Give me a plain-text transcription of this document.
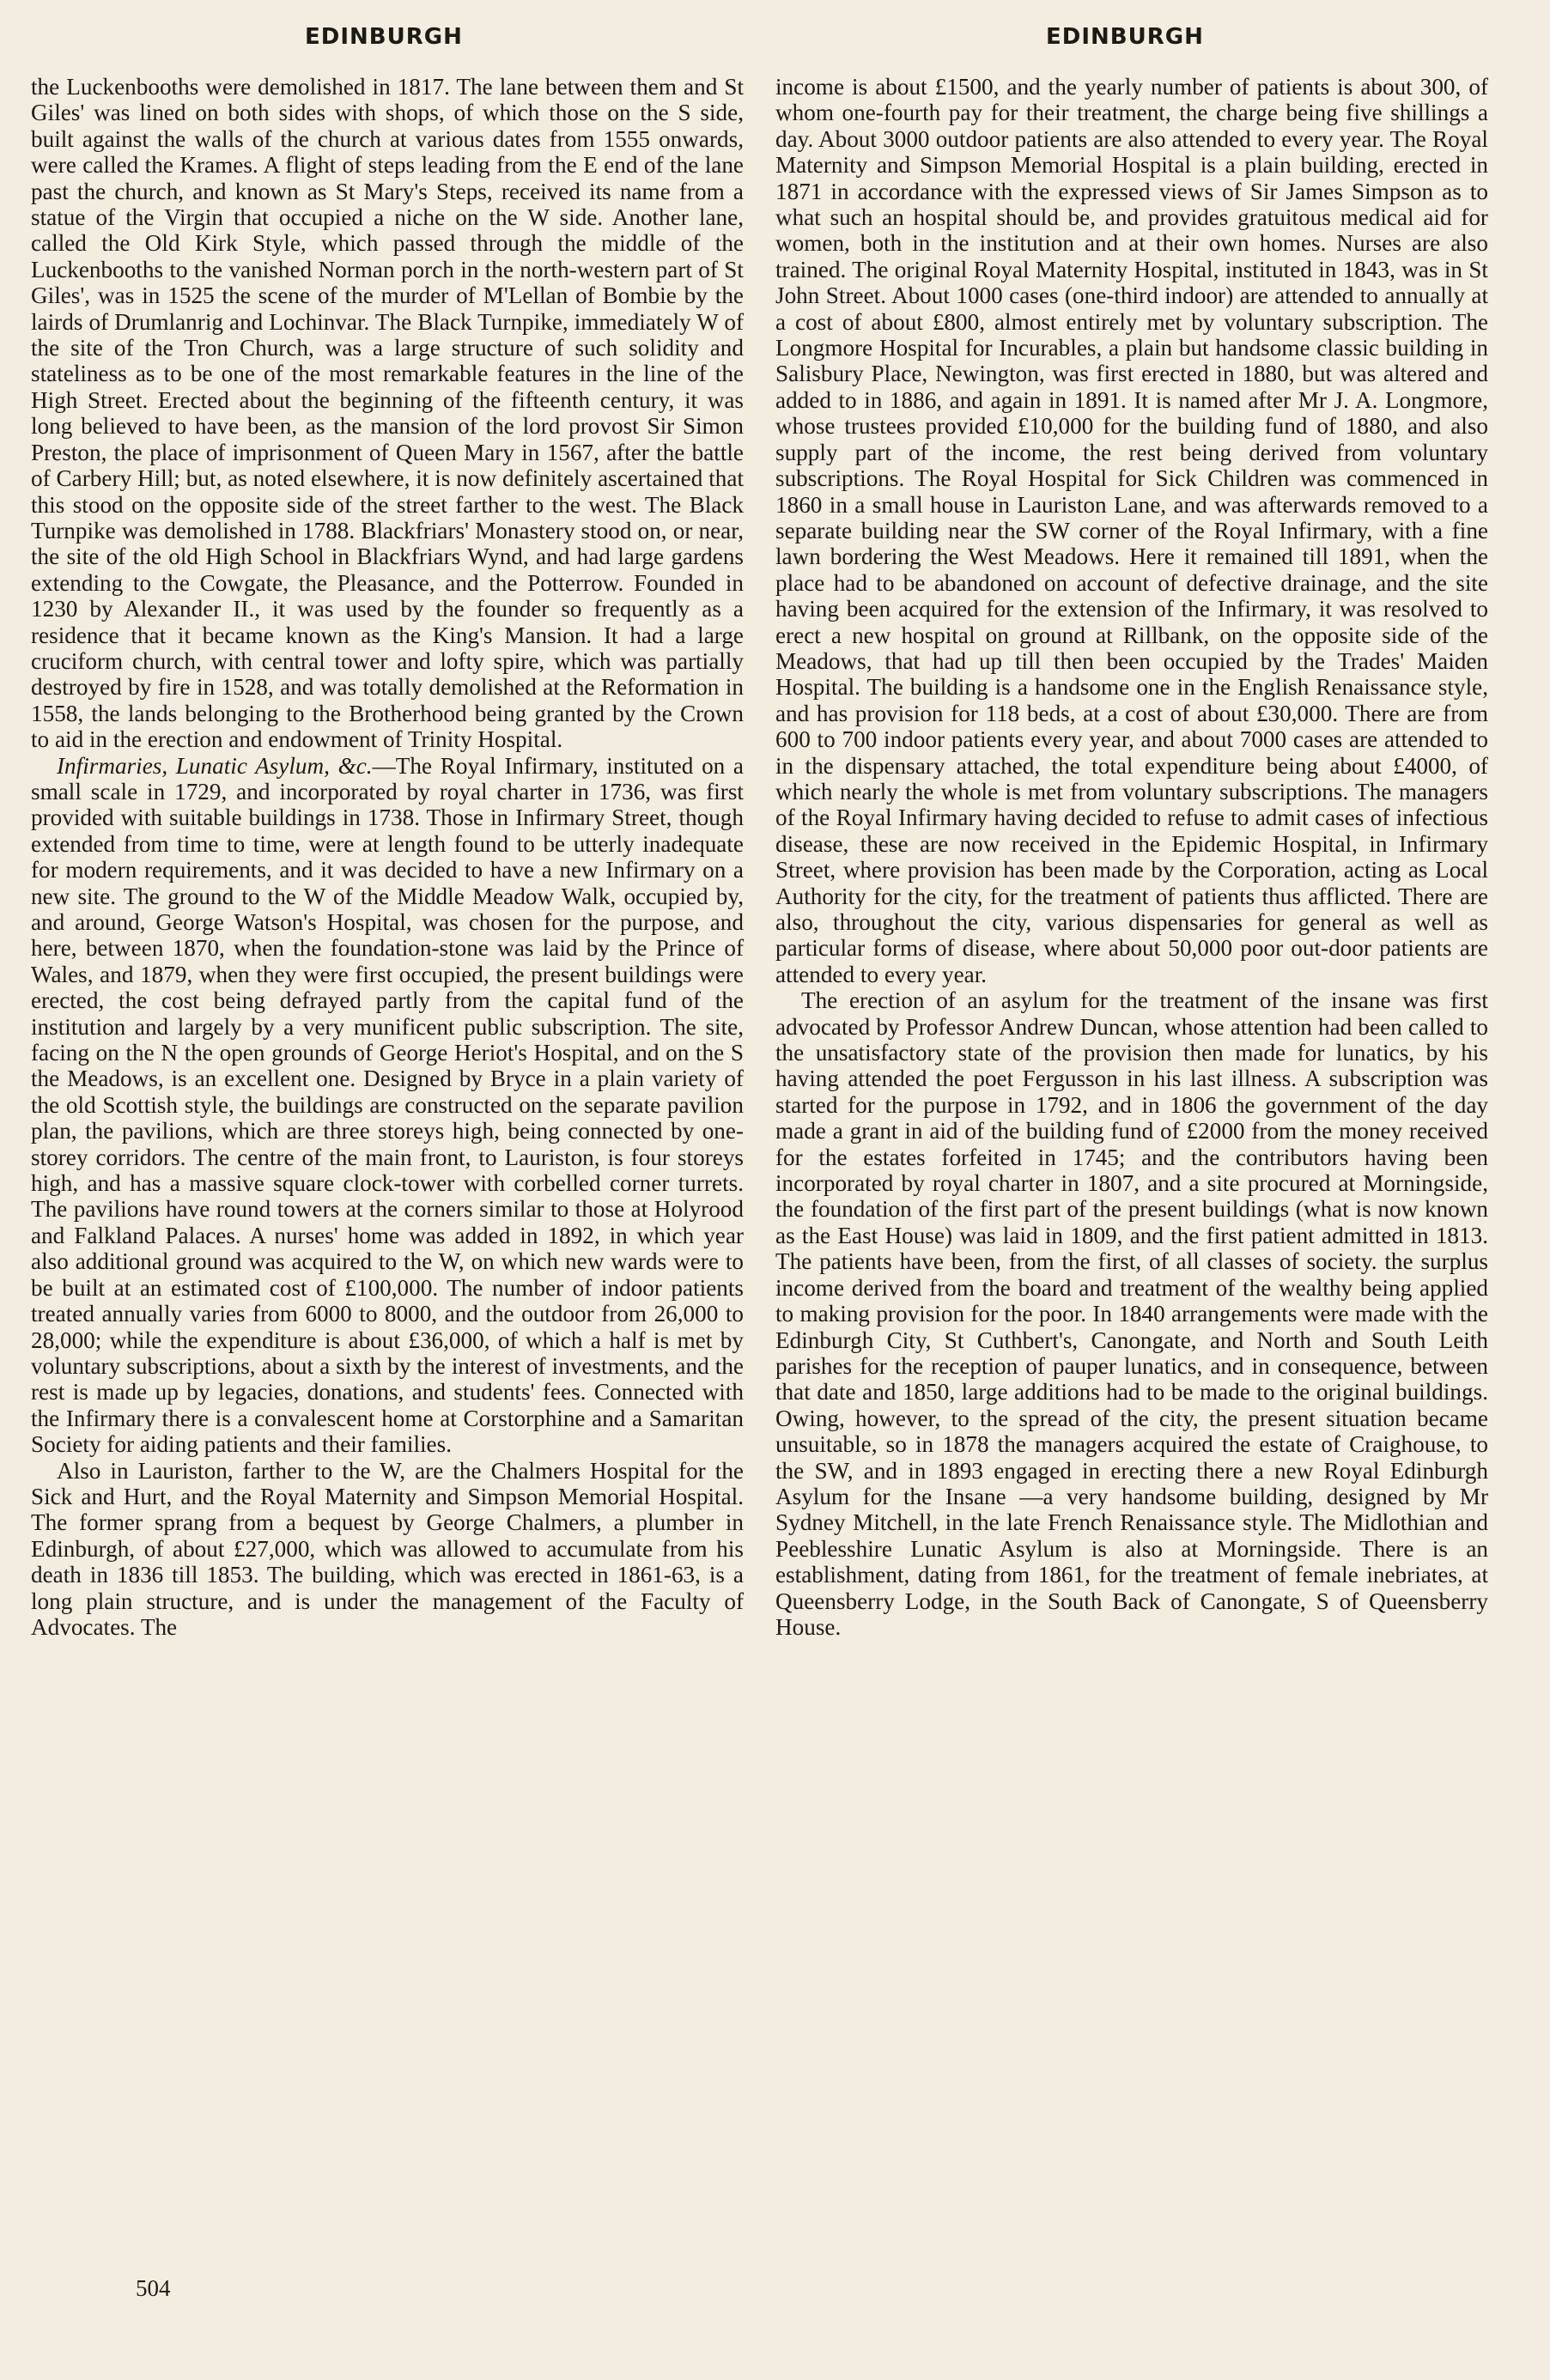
EDINBURGH	EDINBURGH

the Luckenbooths were demolished in 1817. The lane between them and St Giles' was lined on both sides with shops, of which those on the S side, built against the walls of the church at various dates from 1555 onwards, were called the Krames. A flight of steps leading from the E end of the lane past the church, and known as St Mary's Steps, received its name from a statue of the Virgin that occupied a niche on the W side. Another lane, called the Old Kirk Style, which passed through the middle of the Luckenbooths to the vanished Norman porch in the north-western part of St Giles', was in 1525 the scene of the murder of M'Lellan of Bombie by the lairds of Drumlanrig and Lochinvar. The Black Turnpike, immediately W of the site of the Tron Church, was a large structure of such solidity and stateliness as to be one of the most remarkable features in the line of the High Street. Erected about the beginning of the fifteenth century, it was long believed to have been, as the mansion of the lord provost Sir Simon Preston, the place of imprisonment of Queen Mary in 1567, after the battle of Carbery Hill; but, as noted elsewhere, it is now definitely ascertained that this stood on the opposite side of the street farther to the west. The Black Turnpike was demolished in 1788. Blackfriars' Monastery stood on, or near, the site of the old High School in Blackfriars Wynd, and had large gardens extending to the Cowgate, the Pleasance, and the Potterrow. Founded in 1230 by Alexander II., it was used by the founder so frequently as a residence that it became known as the King's Mansion. It had a large cruciform church, with central tower and lofty spire, which was partially destroyed by fire in 1528, and was totally demolished at the Reformation in 1558, the lands belonging to the Brotherhood being granted by the Crown to aid in the erection and endowment of Trinity Hospital.

Infirmaries, Lunatic Asylum, &c.—The Royal Infirmary, instituted on a small scale in 1729, and incorporated by royal charter in 1736, was first provided with suitable buildings in 1738. Those in Infirmary Street, though extended from time to time, were at length found to be utterly inadequate for modern requirements, and it was decided to have a new Infirmary on a new site. The ground to the W of the Middle Meadow Walk, occupied by, and around, George Watson's Hospital, was chosen for the purpose, and here, between 1870, when the foundation-stone was laid by the Prince of Wales, and 1879, when they were first occupied, the present buildings were erected, the cost being defrayed partly from the capital fund of the institution and largely by a very munificent public subscription. The site, facing on the N the open grounds of George Heriot's Hospital, and on the S the Meadows, is an excellent one. Designed by Bryce in a plain variety of the old Scottish style, the buildings are constructed on the separate pavilion plan, the pavilions, which are three storeys high, being connected by one-storey corridors. The centre of the main front, to Lauriston, is four storeys high, and has a massive square clock-tower with corbelled corner turrets. The pavilions have round towers at the corners similar to those at Holyrood and Falkland Palaces. A nurses' home was added in 1892, in which year also additional ground was acquired to the W, on which new wards were to be built at an estimated cost of £100,000. The number of indoor patients treated annually varies from 6000 to 8000, and the outdoor from 26,000 to 28,000; while the expenditure is about £36,000, of which a half is met by voluntary subscriptions, about a sixth by the interest of investments, and the rest is made up by legacies, donations, and students' fees. Connected with the Infirmary there is a convalescent home at Corstorphine and a Samaritan Society for aiding patients and their families.

Also in Lauriston, farther to the W, are the Chalmers Hospital for the Sick and Hurt, and the Royal Maternity and Simpson Memorial Hospital. The former sprang from a bequest by George Chalmers, a plumber in Edinburgh, of about £27,000, which was allowed to accumulate from his death in 1836 till 1853. The building, which was erected in 1861-63, is a long plain structure, and is under the management of the Faculty of Advocates. The

income is about £1500, and the yearly number of patients is about 300, of whom one-fourth pay for their treatment, the charge being five shillings a day. About 3000 outdoor patients are also attended to every year. The Royal Maternity and Simpson Memorial Hospital is a plain building, erected in 1871 in accordance with the expressed views of Sir James Simpson as to what such an hospital should be, and provides gratuitous medical aid for women, both in the institution and at their own homes. Nurses are also trained. The original Royal Maternity Hospital, instituted in 1843, was in St John Street. About 1000 cases (one-third indoor) are attended to annually at a cost of about £800, almost entirely met by voluntary subscription. The Longmore Hospital for Incurables, a plain but handsome classic building in Salisbury Place, Newington, was first erected in 1880, but was altered and added to in 1886, and again in 1891. It is named after Mr J. A. Longmore, whose trustees provided £10,000 for the building fund of 1880, and also supply part of the income, the rest being derived from voluntary subscriptions. The Royal Hospital for Sick Children was commenced in 1860 in a small house in Lauriston Lane, and was afterwards removed to a separate building near the SW corner of the Royal Infirmary, with a fine lawn bordering the West Meadows. Here it remained till 1891, when the place had to be abandoned on account of defective drainage, and the site having been acquired for the extension of the Infirmary, it was resolved to erect a new hospital on ground at Rillbank, on the opposite side of the Meadows, that had up till then been occupied by the Trades' Maiden Hospital. The building is a handsome one in the English Renaissance style, and has provision for 118 beds, at a cost of about £30,000. There are from 600 to 700 indoor patients every year, and about 7000 cases are attended to in the dispensary attached, the total expenditure being about £4000, of which nearly the whole is met from voluntary subscriptions. The managers of the Royal Infirmary having decided to refuse to admit cases of infectious disease, these are now received in the Epidemic Hospital, in Infirmary Street, where provision has been made by the Corporation, acting as Local Authority for the city, for the treatment of patients thus afflicted. There are also, throughout the city, various dispensaries for general as well as particular forms of disease, where about 50,000 poor out-door patients are attended to every year.

The erection of an asylum for the treatment of the insane was first advocated by Professor Andrew Duncan, whose attention had been called to the unsatisfactory state of the provision then made for lunatics, by his having attended the poet Fergusson in his last illness. A subscription was started for the purpose in 1792, and in 1806 the government of the day made a grant in aid of the building fund of £2000 from the money received for the estates forfeited in 1745; and the contributors having been incorporated by royal charter in 1807, and a site procured at Morningside, the foundation of the first part of the present buildings (what is now known as the East House) was laid in 1809, and the first patient admitted in 1813. The patients have been, from the first, of all classes of society. the surplus income derived from the board and treatment of the wealthy being applied to making provision for the poor. In 1840 arrangements were made with the Edinburgh City, St Cuthbert's, Canongate, and North and South Leith parishes for the reception of pauper lunatics, and in consequence, between that date and 1850, large additions had to be made to the original buildings. Owing, however, to the spread of the city, the present situation became unsuitable, so in 1878 the managers acquired the estate of Craighouse, to the SW, and in 1893 engaged in erecting there a new Royal Edinburgh Asylum for the Insane —a very handsome building, designed by Mr Sydney Mitchell, in the late French Renaissance style. The Midlothian and Peeblesshire Lunatic Asylum is also at Morningside. There is an establishment, dating from 1861, for the treatment of female inebriates, at Queensberry Lodge, in the South Back of Canongate, S of Queensberry House.

504
